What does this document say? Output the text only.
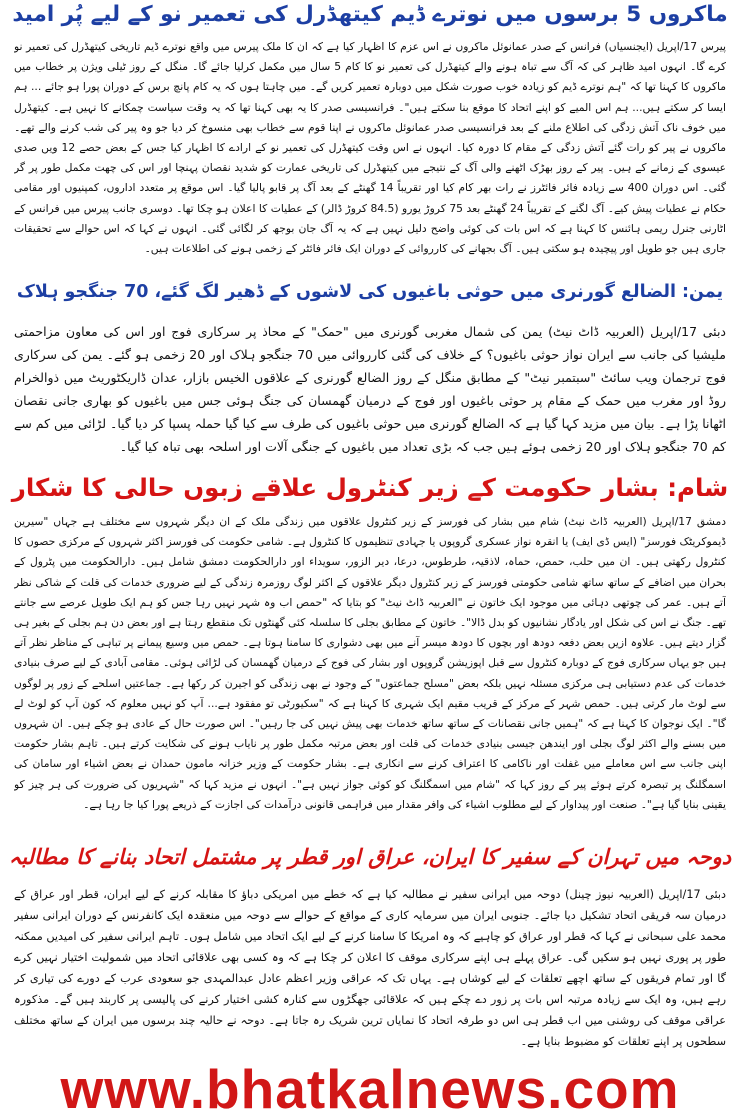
ماکروں 5 برسوں میں نوترے ڈیم کیتھڈرل کی تعمیر نو کے لیے پُر امید
پیرس 17/اپریل (ایجنسیاں) فرانس کے صدر عمانوئل ماکروں نے اس عزم کا اظہار کیا ہے کہ ان کا ملک پیرس میں واقع نوترے ڈیم تاریخی کیتھڈرل کی تعمیر نو کرے گا۔ انہوں امید ظاہر کی کہ آگ سے تباہ ہونے والے کیتھڈرل کی تعمیر نو کا کام 5 سال میں مکمل کرلیا جائے گا۔ منگل کے روز ٹیلی ویژن پر خطاب میں ماکروں کا کہنا تھا کہ "ہم نوترے ڈیم کو زیادہ خوب صورت شکل میں دوبارہ تعمیر کریں گے۔ میں چاہتا ہوں کہ یہ کام پانچ برس کے دوران پورا ہو جائے ... ہم ایسا کر سکتے ہیں... ہم اس المیے کو اپنے اتحاد کا موقع بنا سکتے ہیں"۔ فرانسیسی صدر کا یہ بھی کہنا تھا کہ یہ وقت سیاست چمکانے کا نہیں ہے۔ کیتھڈرل میں خوف ناک آتش زدگی کی اطلاع ملنے کے بعد فرانسیسی صدر عمانوئل ماکروں نے اپنا قوم سے خطاب بھی منسوخ کر دیا جو وہ پیر کی شب کرنے والے تھے۔ ماکروں نے پیر کو رات گئے آتش زدگی کے مقام کا دورہ کیا۔ انہوں نے اس وقت کیتھڈرل کی تعمیر نو کے ارادے کا اظہار کیا جس کے بعض حصے 12 ویں صدی عیسوی کے زمانے کے ہیں۔ پیر کے روز بھڑک اٹھنے والی آگ کے نتیجے میں کیتھڈرل کی تاریخی عمارت کو شدید نقصان پہنچا اور اس کی چھت مکمل طور پر گر گئی۔ اس دوران 400 سے زیادہ فائر فائٹرز نے رات بھر کام کیا اور تقریباً 14 گھنٹے کے بعد آگ پر قابو پالیا گیا۔ اس موقع پر متعدد اداروں، کمپنیوں اور مقامی حکام نے عطیات پیش کیے۔ آگ لگنے کے تقریباً 24 گھنٹے بعد 75 کروڑ یورو (84.5 کروڑ ڈالر) کے عطیات کا اعلان ہو چکا تھا۔ دوسری جانب پیرس میں فرانس کے اٹارنی جنرل ریمی ہائنس کا کہنا ہے کہ اس بات کی کوئی واضح دلیل نہیں ہے کہ یہ آگ جان بوجھ کر لگائی گئی۔ انہوں نے کہا کہ اس حوالے سے تحقیقات جاری ہیں جو طویل اور پیچیدہ ہو سکتی ہیں۔ آگ بجھانے کی کارروائی کے دوران ایک فائر فائٹر کے زخمی ہونے کی اطلاعات ہیں۔
یمن: الضالع گورنری میں حوثی باغیوں کی لاشوں کے ڈھیر لگ گئے، 70 جنگجو ہلاک
دبئی 17/اپریل (العربیہ ڈاٹ نیٹ) یمن کی شمال مغربی گورنری میں "حمک" کے محاذ پر سرکاری فوج اور اس کی معاون مزاحمتی ملیشیا کی جانب سے ایران نواز حوثی باغیوں؟ کے خلاف کی گئی کارروائی میں 70 جنگجو ہلاک اور 20 زخمی ہو گئے۔ یمن کی سرکاری فوج ترجمان ویب سائٹ "سبتمبر نیٹ" کے مطابق منگل کے روز الضالع گورنری کے علاقوں الخیس بازار، عدان ڈاریکٹوریٹ میں ذوالخرام روڈ اور مغرب میں حمک کے مقام پر حوثی باغیوں اور فوج کے درمیان گھمسان کی جنگ ہوئی جس میں باغیوں کو بھاری جانی نقصان اٹھانا پڑا ہے۔ بیان میں مزید کہا گیا ہے کہ الضالع گورنری میں حوثی باغیوں کی طرف سے کیا گیا حملہ پسپا کر دیا گیا۔ لڑائی میں کم سے کم 70 جنگجو ہلاک اور 20 زخمی ہوئے ہیں جب کہ بڑی تعداد میں باغیوں کے جنگی آلات اور اسلحہ بھی تباہ کیا گیا۔
شام: بشار حکومت کے زیر کنٹرول علاقے زبوں حالی کا شکار
دمشق 17/اپریل (العربیہ ڈاٹ نیٹ) شام میں بشار کی فورسز کے زیر کنٹرول علاقوں میں زندگی ملک کے ان دیگر شہروں سے مختلف ہے جہاں "سیرین ڈیموکریٹک فورسز" (ایس ڈی ایف) یا انقرہ نواز عسکری گروپوں یا جہادی تنظیموں کا کنٹرول ہے۔ شامی حکومت کی فورسز اکثر شہروں کے مرکزی حصوں کا کنٹرول رکھتی ہیں۔ ان میں حلب، حمص، حماہ، لاذقیہ، طرطوس، درعا، دیر الزور، سویداء اور دارالحکومت دمشق شامل ہیں۔ دارالحکومت میں پٹرول کے بحران میں اضافے کے ساتھ ساتھ شامی حکومتی فورسز کے زیر کنٹرول دیگر علاقوں کے اکثر لوگ روزمرہ زندگی کے لیے ضروری خدمات کی قلت کے شاکی نظر آتے ہیں۔ عمر کی چوتھی دہائی میں موجود ایک خاتون نے "العربیہ ڈاٹ نیٹ" کو بتایا کہ "حمص اب وہ شہر نہیں رہا جس کو ہم ایک طویل عرصے سے جانتے تھے۔ جنگ نے اس کی شکل اور یادگار نشانیوں کو بدل ڈالا"۔ خاتون کے مطابق بجلی کا سلسلہ کئی گھنٹوں تک منقطع رہتا ہے اور بعض دن ہم بجلی کے بغیر ہی گزار دیتے ہیں۔ علاوہ ازیں بعض دفعہ دودھ اور بچوں کا دودھ میسر آنے میں بھی دشواری کا سامنا ہوتا ہے۔ حمص میں وسیع پیمانے پر تباہی کے مناظر نظر آتے ہیں جو یہاں سرکاری فوج کے دوبارہ کنٹرول سے قبل اپوزیشن گروپوں اور بشار کی فوج کے درمیان گھمسان کی لڑائی ہوئی۔ مقامی آبادی کے لیے صرف بنیادی خدمات کی عدم دستیابی ہی مرکزی مسئلہ نہیں بلکہ بعض "مسلح جماعتوں" کے وجود نے بھی زندگی کو اجیرن کر رکھا ہے۔ جماعتیں اسلحے کے زور پر لوگوں سے لوٹ مار کرتی ہیں۔ حمص شہر کے مرکز کے قریب مقیم ایک شہری کا کہنا ہے کہ "سکیورٹی تو مفقود ہے... آپ کو نہیں معلوم کہ کون آپ کو لوٹ لے گا"۔ ایک نوجوان کا کہنا ہے کہ "ہمیں جانی نقصانات کے ساتھ ساتھ خدمات بھی پیش نہیں کی جا رہیں"۔ اس صورت حال کے عادی ہو چکے ہیں۔ ان شہروں میں بسنے والے اکثر لوگ بجلی اور ایندھن جیسی بنیادی خدمات کی قلت اور بعض مرتبہ مکمل طور پر نایاب ہونے کی شکایت کرتے ہیں۔ تاہم بشار حکومت اپنی جانب سے اس معاملے میں غفلت اور ناکامی کا اعتراف کرنے سے انکاری ہے۔ بشار حکومت کے وزیر خزانہ مامون حمدان نے بعض اشیاء اور سامان کی اسمگلنگ پر تبصرہ کرتے ہوئے پیر کے روز کہا کہ "شام میں اسمگلنگ کو کوئی جواز نہیں ہے"۔ انہوں نے مزید کہا کہ "شہریوں کی ضرورت کی ہر چیز کو یقینی بنایا گیا ہے"۔ صنعت اور پیداوار کے لیے مطلوب اشیاء کی وافر مقدار میں فراہمی قانونی درآمدات کی اجازت کے ذریعے پورا کیا جا رہا ہے۔
دوحہ میں تہران کے سفیر کا ایران، عراق اور قطر پر مشتمل اتحاد بنانے کا مطالبہ
دبئی 17/اپریل (العربیہ نیوز چینل) دوحہ میں ایرانی سفیر نے مطالبہ کیا ہے کہ خطے میں امریکی دباؤ کا مقابلہ کرنے کے لیے ایران، قطر اور عراق کے درمیان سہ فریقی اتحاد تشکیل دیا جائے۔ جنوبی ایران میں سرمایہ کاری کے مواقع کے حوالے سے دوحہ میں منعقدہ ایک کانفرنس کے دوران ایرانی سفیر محمد علی سبحانی نے کہا کہ قطر اور عراق کو چاہیے کہ وہ امریکا کا سامنا کرنے کے لیے ایک اتحاد میں شامل ہوں۔ تاہم ایرانی سفیر کی امیدیں ممکنہ طور پر پوری نہیں ہو سکیں گی۔ عراق پہلے ہی اپنے سرکاری موقف کا اعلان کر چکا ہے کہ وہ کسی بھی علاقائی اتحاد میں شمولیت اختیار نہیں کرے گا اور تمام فریقوں کے ساتھ اچھے تعلقات کے لیے کوشاں ہے۔ یہاں تک کہ عراقی وزیر اعظم عادل عبدالمہدی جو سعودی عرب کے دورے کی تیاری کر رہے ہیں، وہ ایک سے زیادہ مرتبہ اس بات پر زور دے چکے ہیں کہ علاقائی جھگڑوں سے کنارہ کشی اختیار کرنے کی پالیسی پر کاربند ہیں گے۔ مذکورہ عراقی موقف کی روشنی میں اب قطر ہی اس دو طرفہ اتحاد کا نمایاں ترین شریک رہ جاتا ہے۔ دوحہ نے حالیہ چند برسوں میں ایران کے ساتھ مختلف سطحوں پر اپنے تعلقات کو مضبوط بنایا ہے۔
www.bhatkalnews.com
